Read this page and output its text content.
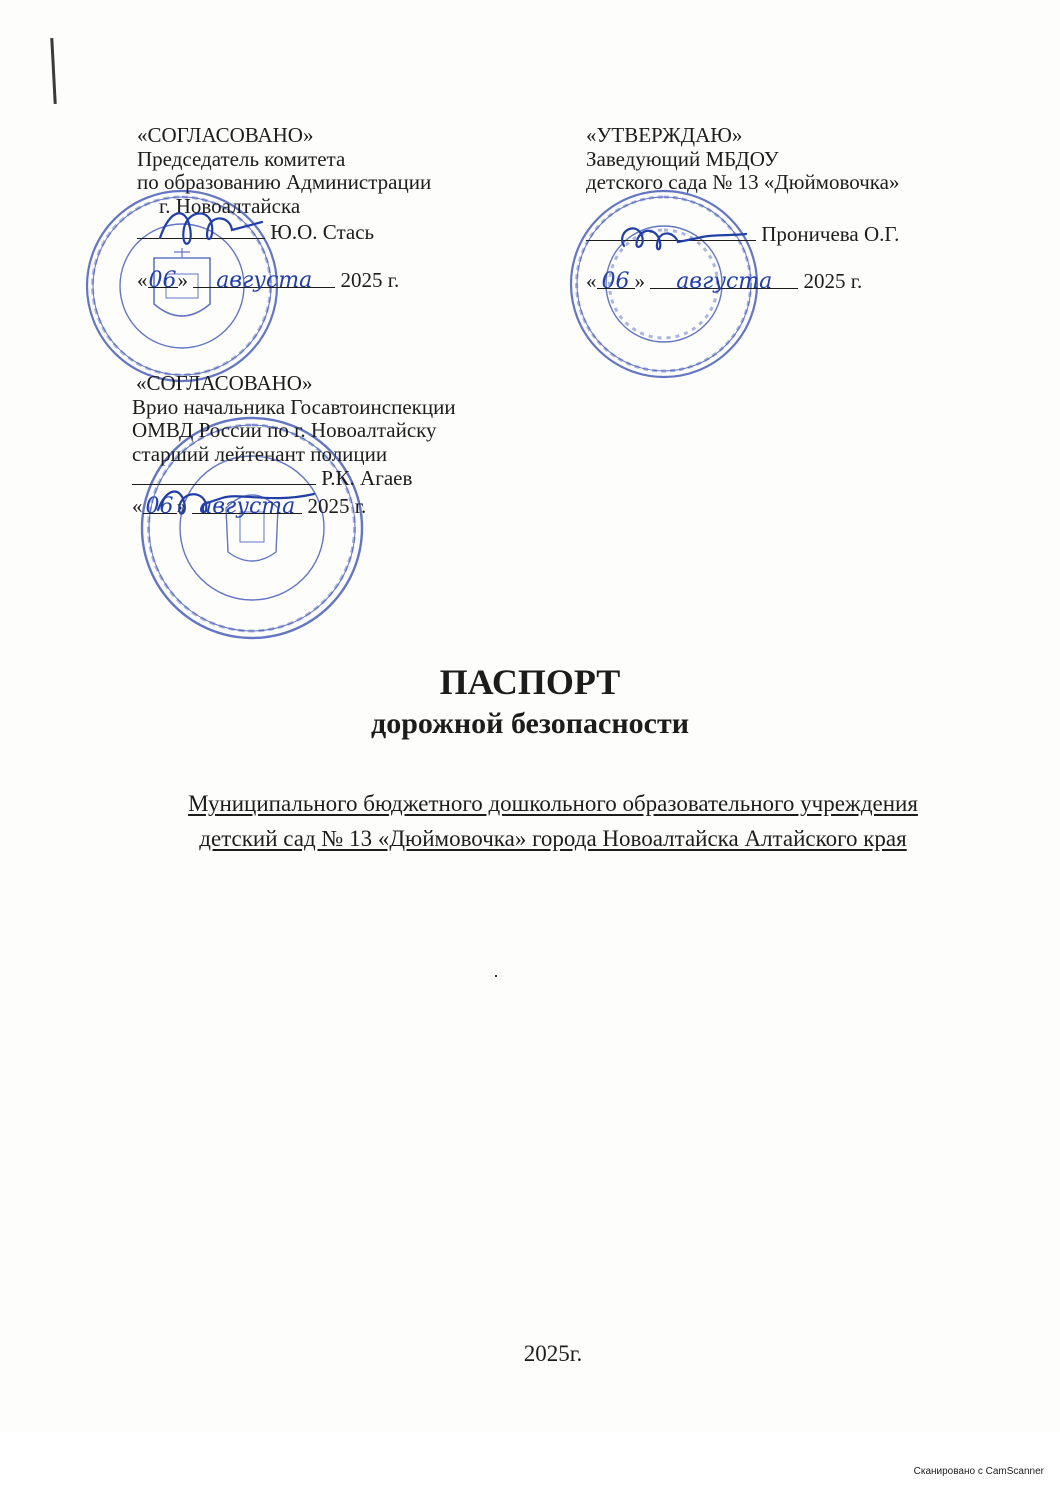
«СОГЛАСОВАНО»
Председатель комитета
по образованию Администрации
г. Новоалтайска
Ю.О. Стась
«06» августа 2025 г.
«УТВЕРЖДАЮ»
Заведующий МБДОУ
детского сада № 13 «Дюймовочка»
Проничева О.Г.
« 06 » августа 2025 г.
«СОГЛАСОВАНО»
Врио начальника Госавтоинспекции
ОМВД России по г. Новоалтайску
старший лейтенант полиции
Р.К. Агаев
« 06 » августа 2025 г.
ПАСПОРТ
дорожной безопасности
Муниципального бюджетного дошкольного образовательного учреждения
детский сад № 13 «Дюймовочка» города Новоалтайска Алтайского края
2025г.
Сканировано с CamScanner
